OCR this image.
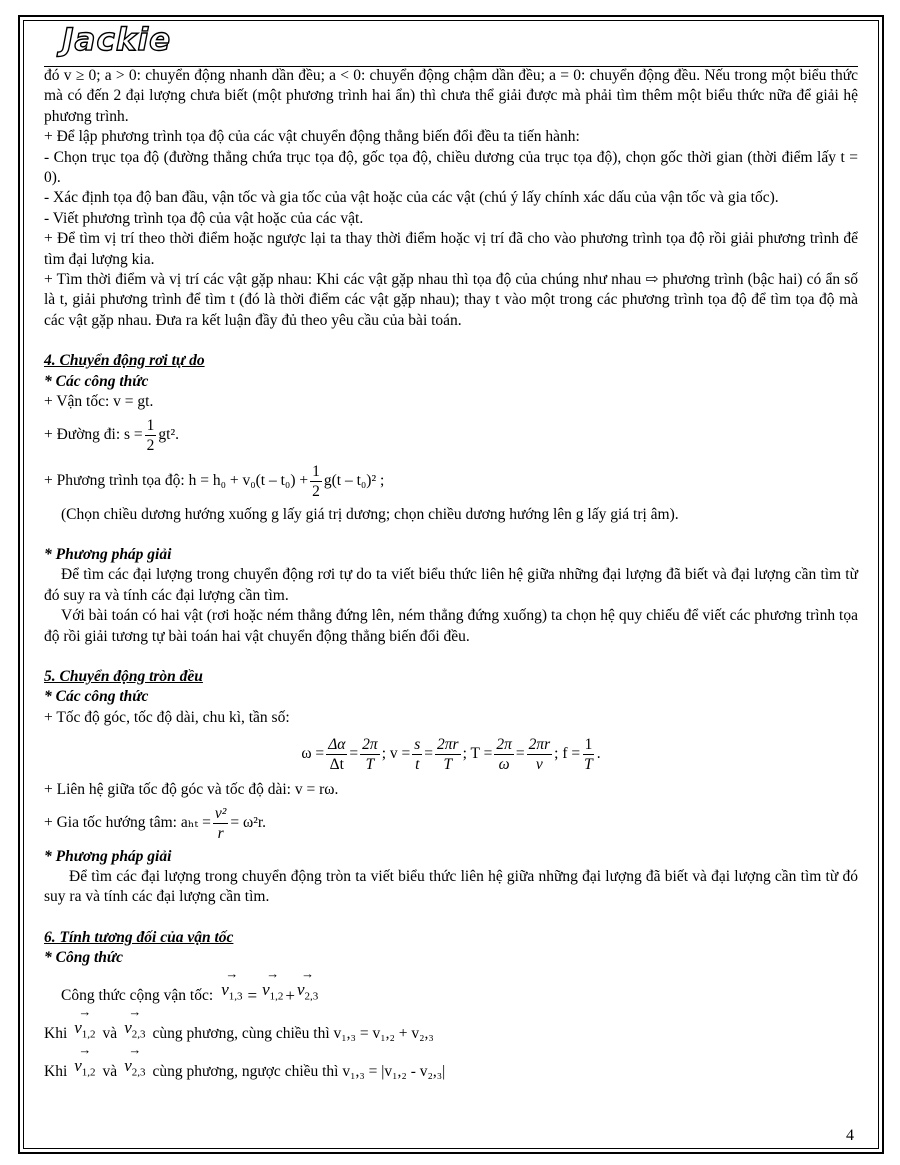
Jackie

đó v ≥ 0; a > 0: chuyển động nhanh dần đều; a < 0: chuyển động chậm dần đều; a = 0: chuyển động đều. Nếu trong một biểu thức mà có đến 2 đại lượng chưa biết (một phương trình hai ẩn) thì chưa thể giải được mà phải tìm thêm một biểu thức nữa để giải hệ phương trình.

+ Để lập phương trình tọa độ của các vật chuyển động thẳng biến đổi đều ta tiến hành:

- Chọn trục tọa độ (đường thẳng chứa trục tọa độ, gốc tọa độ, chiều dương của trục tọa độ), chọn gốc thời gian (thời điểm lấy t = 0).

- Xác định tọa độ ban đầu, vận tốc và gia tốc của vật hoặc của các vật (chú ý lấy chính xác dấu của vận tốc và gia tốc).

- Viết phương trình tọa độ của vật hoặc của các vật.

+ Để tìm vị trí theo thời điểm hoặc ngược lại ta thay thời điểm hoặc vị trí đã cho vào phương trình tọa độ rồi giải phương trình để tìm đại lượng kia.

+ Tìm thời điểm và vị trí các vật gặp nhau: Khi các vật gặp nhau thì tọa độ của chúng như nhau ⇨ phương trình (bậc hai) có ẩn số là t, giải phương trình để tìm t (đó là thời điểm các vật gặp nhau); thay t vào một trong các phương trình tọa độ để tìm tọa độ mà các vật gặp nhau. Đưa ra kết luận đầy đủ theo yêu cầu của bài toán.

4. Chuyển động rơi tự do

* Các công thức

+ Vận tốc: v = gt.

+ Đường đi: $s = \frac{1}{2} gt^2$.
+ Phương trình tọa độ: $h = h_0 + v_0(t - t_0) + \frac{1}{2} g(t - t_0)^2$ ;

(Chọn chiều dương hướng xuống g lấy giá trị dương; chọn chiều dương hướng lên g lấy giá trị âm).

* Phương pháp giải

Để tìm các đại lượng trong chuyển động rơi tự do ta viết biểu thức liên hệ giữa những đại lượng đã biết và đại lượng cần tìm từ đó suy ra và tính các đại lượng cần tìm.

Với bài toán có hai vật (rơi hoặc ném thẳng đứng lên, ném thẳng đứng xuống) ta chọn hệ quy chiếu để viết các phương trình tọa độ rồi giải tương tự bài toán hai vật chuyển động thẳng biến đổi đều.

5. Chuyển động tròn đều

* Các công thức

+ Tốc độ góc, tốc độ dài, chu kì, tần số:

$\omega = \frac{\Delta\alpha}{\Delta t} = \frac{2\pi}{T}$ ; $v = \frac{s}{t} = \frac{2\pi r}{T}$ ; $T = \frac{2\pi}{\omega} = \frac{2\pi r}{v}$ ; $f = \frac{1}{T}$ .

+ Liên hệ giữa tốc độ góc và tốc độ dài: v = rω.

+ Gia tốc hướng tâm: $a_{ht} = \frac{\text{v²}}{r} = \omega^2r$.

* Phương pháp giải

Để tìm các đại lượng trong chuyển động tròn ta viết biểu thức liên hệ giữa những đại lượng đã biết và đại lượng cần tìm từ đó suy ra và tính các đại lượng cần tìm.

6. Tính tương đối của vận tốc

* Công thức

Công thức cộng vận tốc:
→
$v_{1,3}$ =
→
$v_{1,2}$ +
→
$v_{2,3}$
Khi
→
$v_{1,2}$ và
→
$v_{2,3}$ cùng phương, cùng chiều thì v₁,₃ = v₁,₂ + v₂,₃
Khi
→
$v_{1,2}$ và
→
$v_{2,3}$ cùng phương, ngược chiều thì v₁,₃ = |v₁,₂ - v₂,₃|
4
